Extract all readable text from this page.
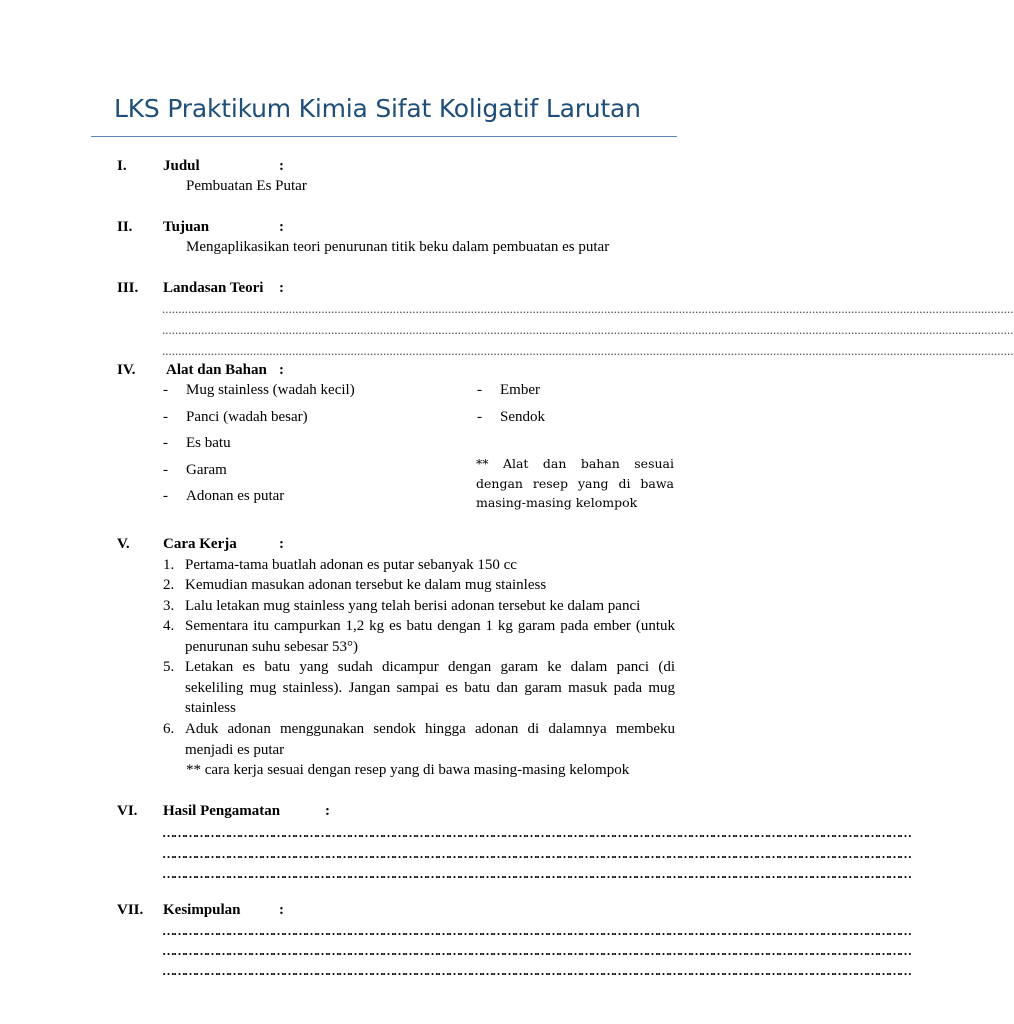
LKS Praktikum Kimia Sifat Koligatif Larutan
I. Judul	:
Pembuatan Es Putar
II. Tujuan	:
Mengaplikasikan teori penurunan titik beku dalam pembuatan es putar
III. Landasan Teori :
......................................................................................................................................................................................................................................................................
......................................................................................................................................................................................................................................................................
......................................................................................................................................................................................................................................................................
IV. Alat dan Bahan :
- Mug stainless (wadah kecil)
- Panci (wadah besar)
- Es batu
- Garam
- Adonan es putar
- Ember
- Sendok
** Alat dan bahan sesuai dengan resep yang di bawa masing-masing kelompok
V. Cara Kerja	:
1. Pertama-tama buatlah adonan es putar sebanyak 150 cc
2. Kemudian masukan adonan tersebut ke dalam mug stainless
3. Lalu letakan mug stainless yang telah berisi adonan tersebut ke dalam panci
4. Sementara itu campurkan 1,2 kg es batu dengan 1 kg garam pada ember (untuk penurunan suhu sebesar 53°)
5. Letakan es batu yang sudah dicampur dengan garam ke dalam panci (di sekeliling mug stainless). Jangan sampai es batu dan garam masuk pada mug stainless
6. Aduk adonan menggunakan sendok hingga adonan di dalamnya membeku menjadi es putar
** cara kerja sesuai dengan resep yang di bawa masing-masing kelompok
VI. Hasil Pengamatan	:
……………………………………………………………………………………………………………………………………………………………………………………
……………………………………………………………………………………………………………………………………………………………………………………
……………………………………………………………………………………………………………………………………………………………………………………
VII. Kesimpulan	:
……………………………………………………………………………………………………………………………………………………………………………………
……………………………………………………………………………………………………………………………………………………………………………………
……………………………………………………………………………………………………………………………………………………………………………………
